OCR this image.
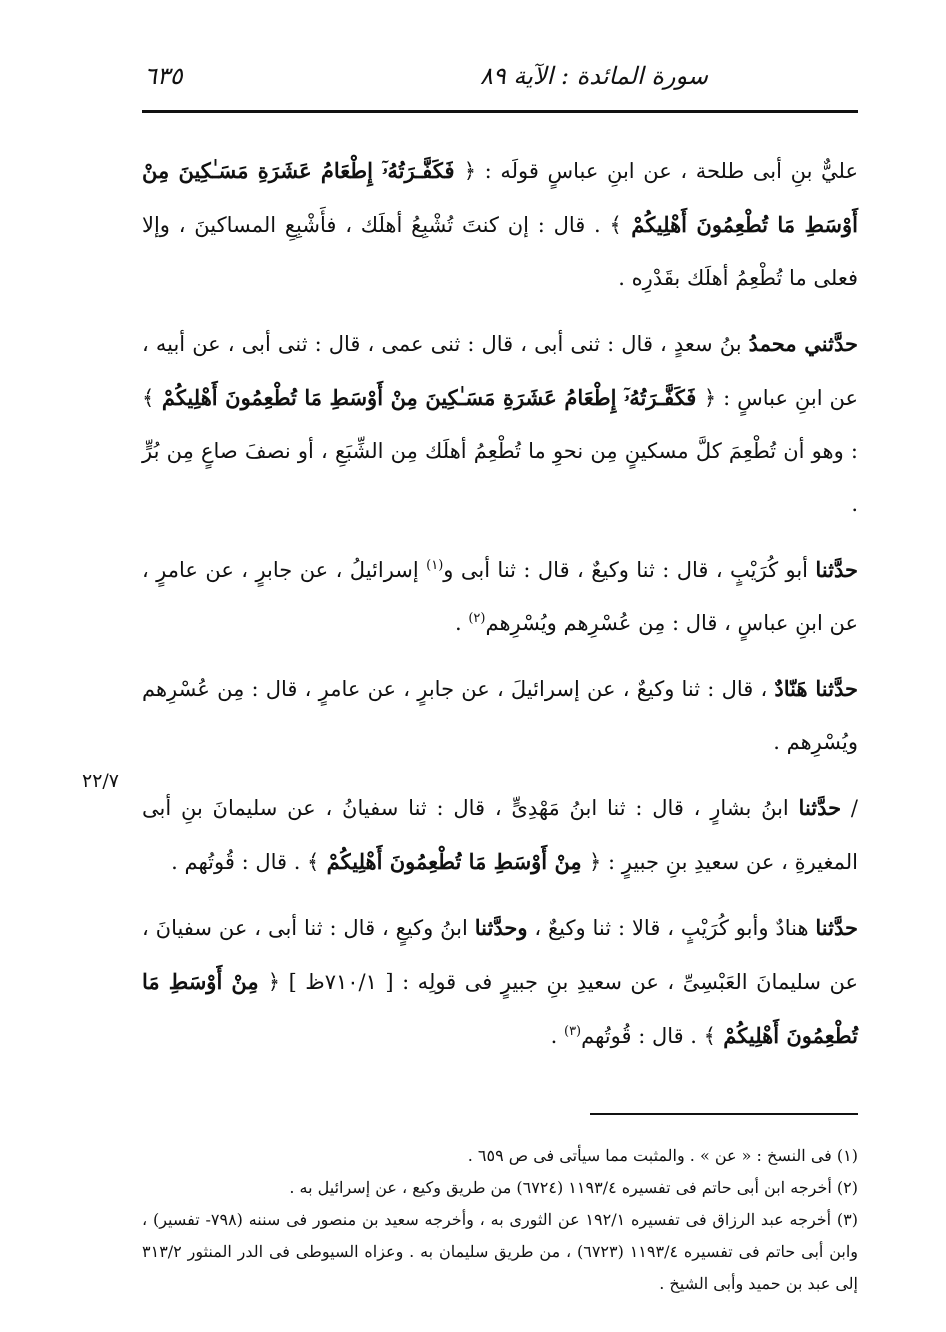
سورة المائدة : الآية ٨٩
٦٣٥

عليٌّ بنِ أبى طلحة ، عن ابنِ عباسٍ قولَه : ﴿ فَكَفَّـرَتُهُۥٓ إِطْعَامُ عَشَرَةِ مَسَـٰكِينَ مِنْ أَوْسَطِ مَا تُطْعِمُونَ أَهْلِيكُمْ ﴾ . قال : إن كنتَ تُشْبِعُ أهلَك ، فأَشْبِعِ المساكينَ ، وإلا فعلى ما تُطْعِمُ أهلَك بقَدْرِه .

حدَّثني محمدُ بنُ سعدٍ ، قال : ثنى أبى ، قال : ثنى عمى ، قال : ثنى أبى ، عن أبيه ، عن ابنِ عباسٍ : ﴿ فَكَفَّـرَتُهُۥٓ إِطْعَامُ عَشَرَةِ مَسَـٰكِينَ مِنْ أَوْسَطِ مَا تُطْعِمُونَ أَهْلِيكُمْ ﴾ : وهو أن تُطْعِمَ كلَّ مسكينٍ مِن نحوِ ما تُطْعِمُ أهلَك مِن الشِّبَعِ ، أو نصفَ صاعٍ مِن بُرٍّ .

حدَّثنا أبو كُرَيْبٍ ، قال : ثنا وكيعٌ ، قال : ثنا أبى و$^{(١)}$ إسرائيلُ ، عن جابرٍ ، عن عامرٍ ، عن ابنِ عباسٍ ، قال : مِن عُسْرِهم ويُسْرِهم$^{(٢)}$ .

حدَّثنا هَنّادٌ ، قال : ثنا وكيعٌ ، عن إسرائيلَ ، عن جابرٍ ، عن عامرٍ ، قال : مِن عُسْرِهم ويُسْرِهم .

/ حدَّثنا ابنُ بشارٍ ، قال : ثنا ابنُ مَهْدِىٍّ ، قال : ثنا سفيانُ ، عن سليمانَ بنِ أبى المغيرةِ ، عن سعيدِ بنِ جبيرٍ : ﴿ مِنْ أَوْسَطِ مَا تُطْعِمُونَ أَهْلِيكُمْ ﴾ . قال : قُوتُهم .

حدَّثنا هنادٌ وأبو كُرَيْبٍ ، قالا : ثنا وكيعٌ ، وحدَّثنا ابنُ وكيعٍ ، قال : ثنا أبى ، عن سفيانَ ، عن سليمانَ العَبْسِىِّ ، عن سعيدِ بنِ جبيرٍ فى قولِه : [ ٧١٠/١ظ ] ﴿ مِنْ أَوْسَطِ مَا تُطْعِمُونَ أَهْلِيكُمْ ﴾ . قال : قُوتُهم$^{(٣)}$ .

٢٢/٧

(١) فى النسخ : « عن » . والمثبت مما سيأتى فى ص ٦٥٩ .

(٢) أخرجه ابن أبى حاتم فى تفسيره ١١٩٣/٤ (٦٧٢٤) من طريق وكيع ، عن إسرائيل به .

(٣) أخرجه عبد الرزاق فى تفسيره ١٩٢/١ عن الثورى به ، وأخرجه سعيد بن منصور فى سننه (٧٩٨- تفسير) ، وابن أبى حاتم فى تفسيره ١١٩٣/٤ (٦٧٢٣) ، من طريق سليمان به . وعزاه السيوطى فى الدر المنثور ٣١٣/٢ إلى عبد بن حميد وأبى الشيخ .
